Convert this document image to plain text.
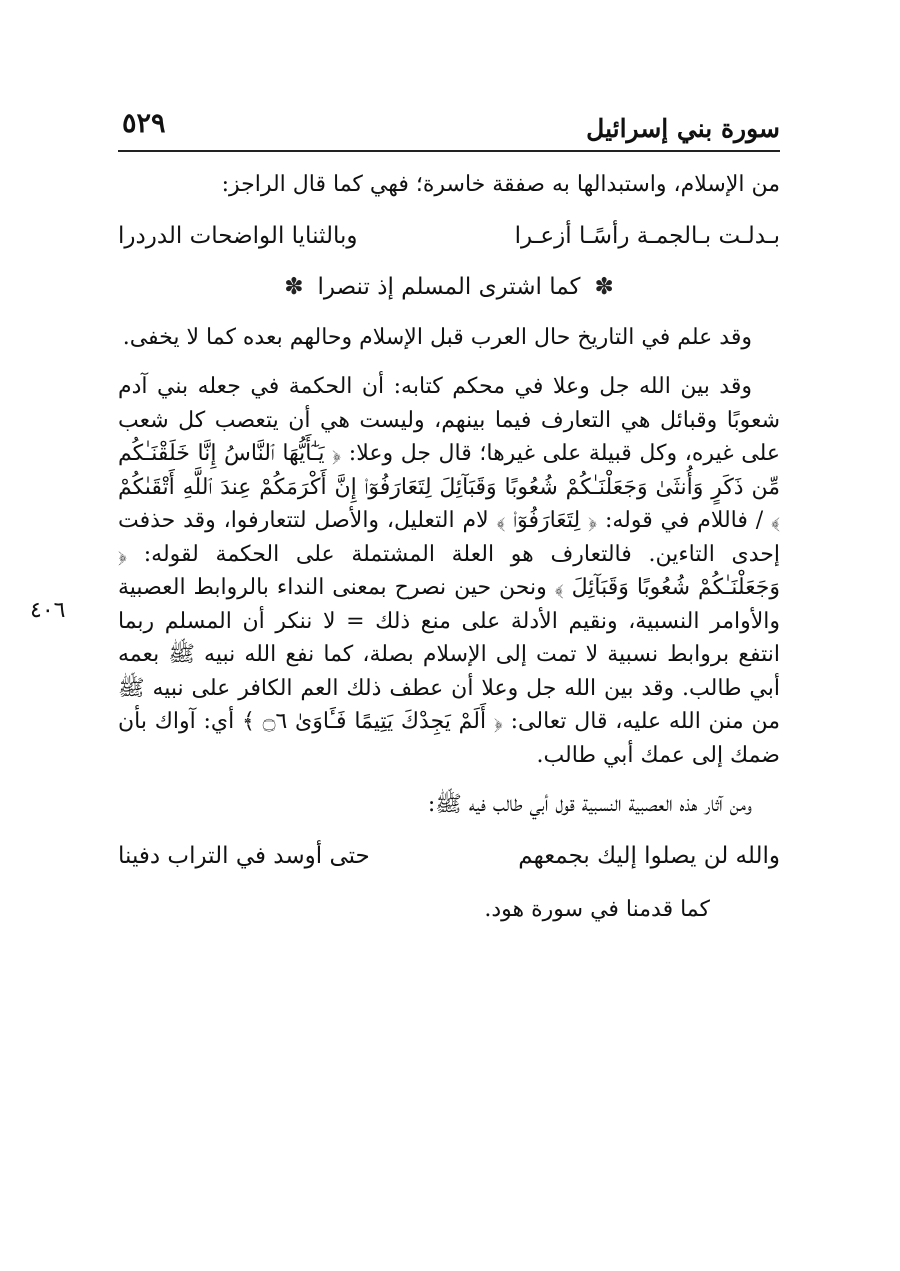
سورة بني إسرائيل
٥٢٩
٤٠٦

من الإسلام، واستبدالها به صفقة خاسرة؛ فهي كما قال الراجز:

بـدلـت بـالجمـة رأسًـا أزعـرا
وبالثنايا الواضحات الدردرا
✽كما اشترى المسلم إذ تنصرا✽

وقد علم في التاريخ حال العرب قبل الإسلام وحالهم بعده كما لا يخفى.

وقد بين الله جل وعلا في محكم كتابه: أن الحكمة في جعله بني آدم شعوبًا وقبائل هي التعارف فيما بينهم، وليست هي أن يتعصب كل شعب على غيره، وكل قبيلة على غيرها؛ قال جل وعلا: ﴿ يَـٰٓأَيُّهَا ٱلنَّاسُ إِنَّا خَلَقْنَـٰكُم مِّن ذَكَرٍ وَأُنثَىٰ وَجَعَلْنَـٰكُمْ شُعُوبًا وَقَبَآئِلَ لِتَعَارَفُوٓا۟ إِنَّ أَكْرَمَكُمْ عِندَ ٱللَّهِ أَتْقَىٰكُمْ ﴾ / فاللام في قوله: ﴿ لِتَعَارَفُوٓا۟ ﴾ لام التعليل، والأصل لتتعارفوا، وقد حذفت إحدى التاءين. فالتعارف هو العلة المشتملة على الحكمة لقوله: ﴿ وَجَعَلْنَـٰكُمْ شُعُوبًا وَقَبَآئِلَ ﴾ ونحن حين نصرح بمعنى النداء بالروابط العصبية والأوامر النسبية، ونقيم الأدلة على منع ذلك = لا ننكر أن المسلم ربما انتفع بروابط نسبية لا تمت إلى الإسلام بصلة، كما نفع الله نبيه ﷺ بعمه أبي طالب. وقد بين الله جل وعلا أن عطف ذلك العم الكافر على نبيه ﷺ من منن الله عليه، قال تعالى: ﴿ أَلَمْ يَجِدْكَ يَتِيمًا فَـَٔاوَىٰ ۝٦ ﴾ أي: آواك بأن ضمك إلى عمك أبي طالب.

ومن آثار هذه العصبية النسبية قول أبي طالب فيه ﷺ:

والله لن يصلوا إليك بجمعهم
حتى أوسد في التراب دفينا

كما قدمنا في سورة هود.
